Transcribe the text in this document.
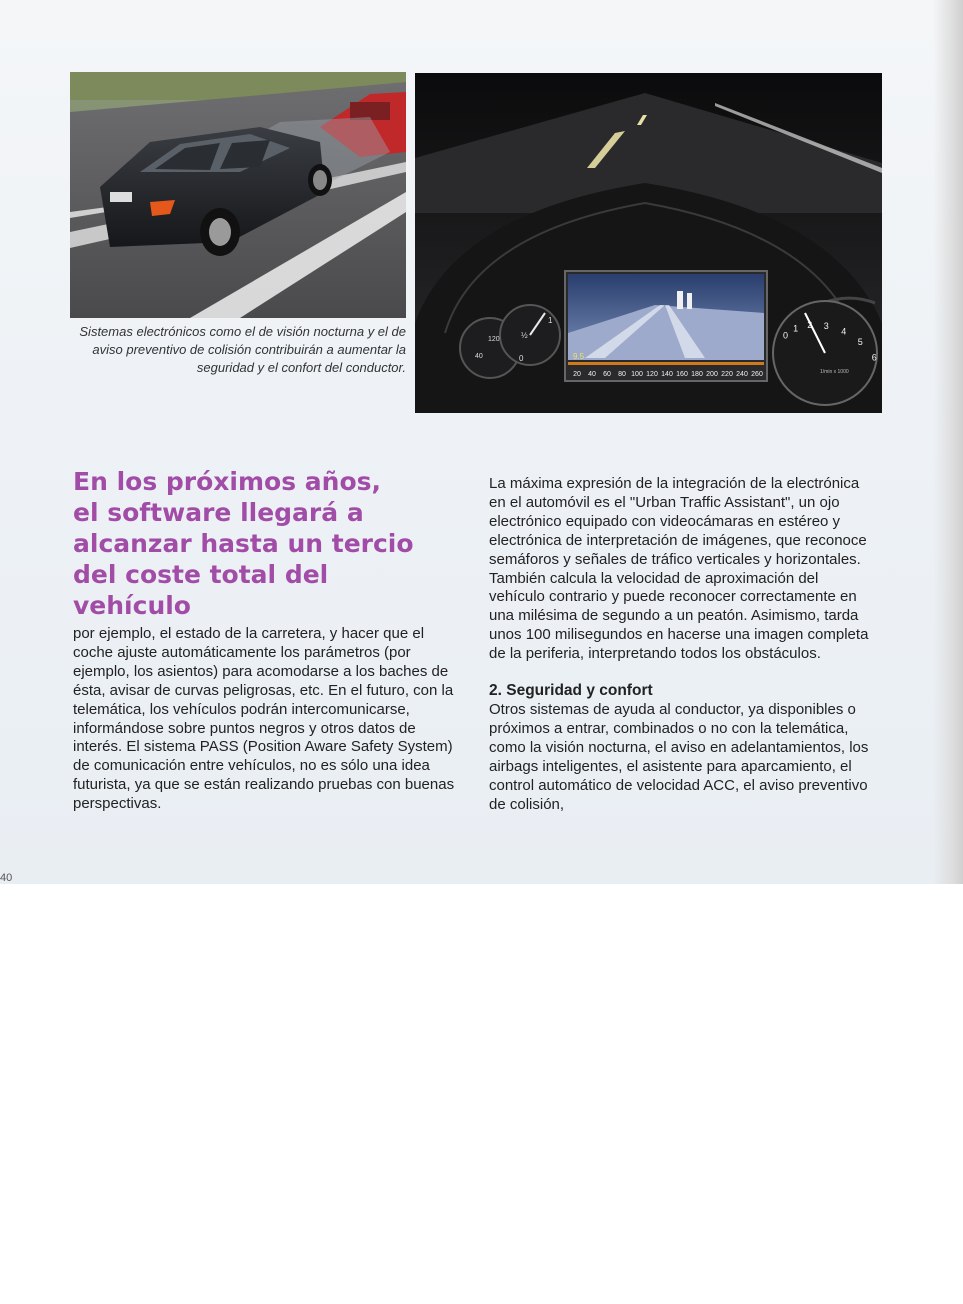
120
40
½
1
0	9.5
20 40 60 80 100 120 140 160 180 200 220 240 260
0
1 2 3
4
5
6
7
1/min x 1000
Sistemas electrónicos como el de visión nocturna y el de aviso preventivo de colisión contribuirán a aumentar la seguridad y el confort del conductor.
En los próximos años,
el software llegará a
alcanzar hasta un tercio
del coste total del vehículo

por ejemplo, el estado de la carretera, y hacer que el coche ajuste automáticamente los parámetros (por ejemplo, los asientos) para acomodarse a los baches de ésta, avisar de curvas peligrosas, etc. En el futuro, con la telemática, los vehículos podrán intercomunicarse, informándose sobre puntos negros y otros datos de interés. El sistema PASS (Position Aware Safety System) de comunicación entre vehículos, no es sólo una idea futurista, ya que se están realizando pruebas con buenas perspectivas.

La máxima expresión de la integración de la electrónica en el automóvil es el "Urban Traffic Assistant", un ojo electrónico equipado con videocámaras en estéreo y electrónica de interpretación de imágenes, que reconoce semáforos y señales de tráfico verticales y horizontales. También calcula la velocidad de aproximación del vehículo contrario y puede reconocer correctamente en una milésima de segundo a un peatón. Asimismo, tarda unos 100 milisegundos en hacerse una imagen completa de la periferia, interpretando todos los obstáculos.

2. Seguridad y confort

Otros sistemas de ayuda al conductor, ya disponibles o próximos a entrar, combinados o no con la telemática, como la visión nocturna, el aviso en adelantamientos, los airbags inteligentes, el asistente para aparcamiento, el control automático de velocidad ACC, el aviso preventivo de colisión,

40
